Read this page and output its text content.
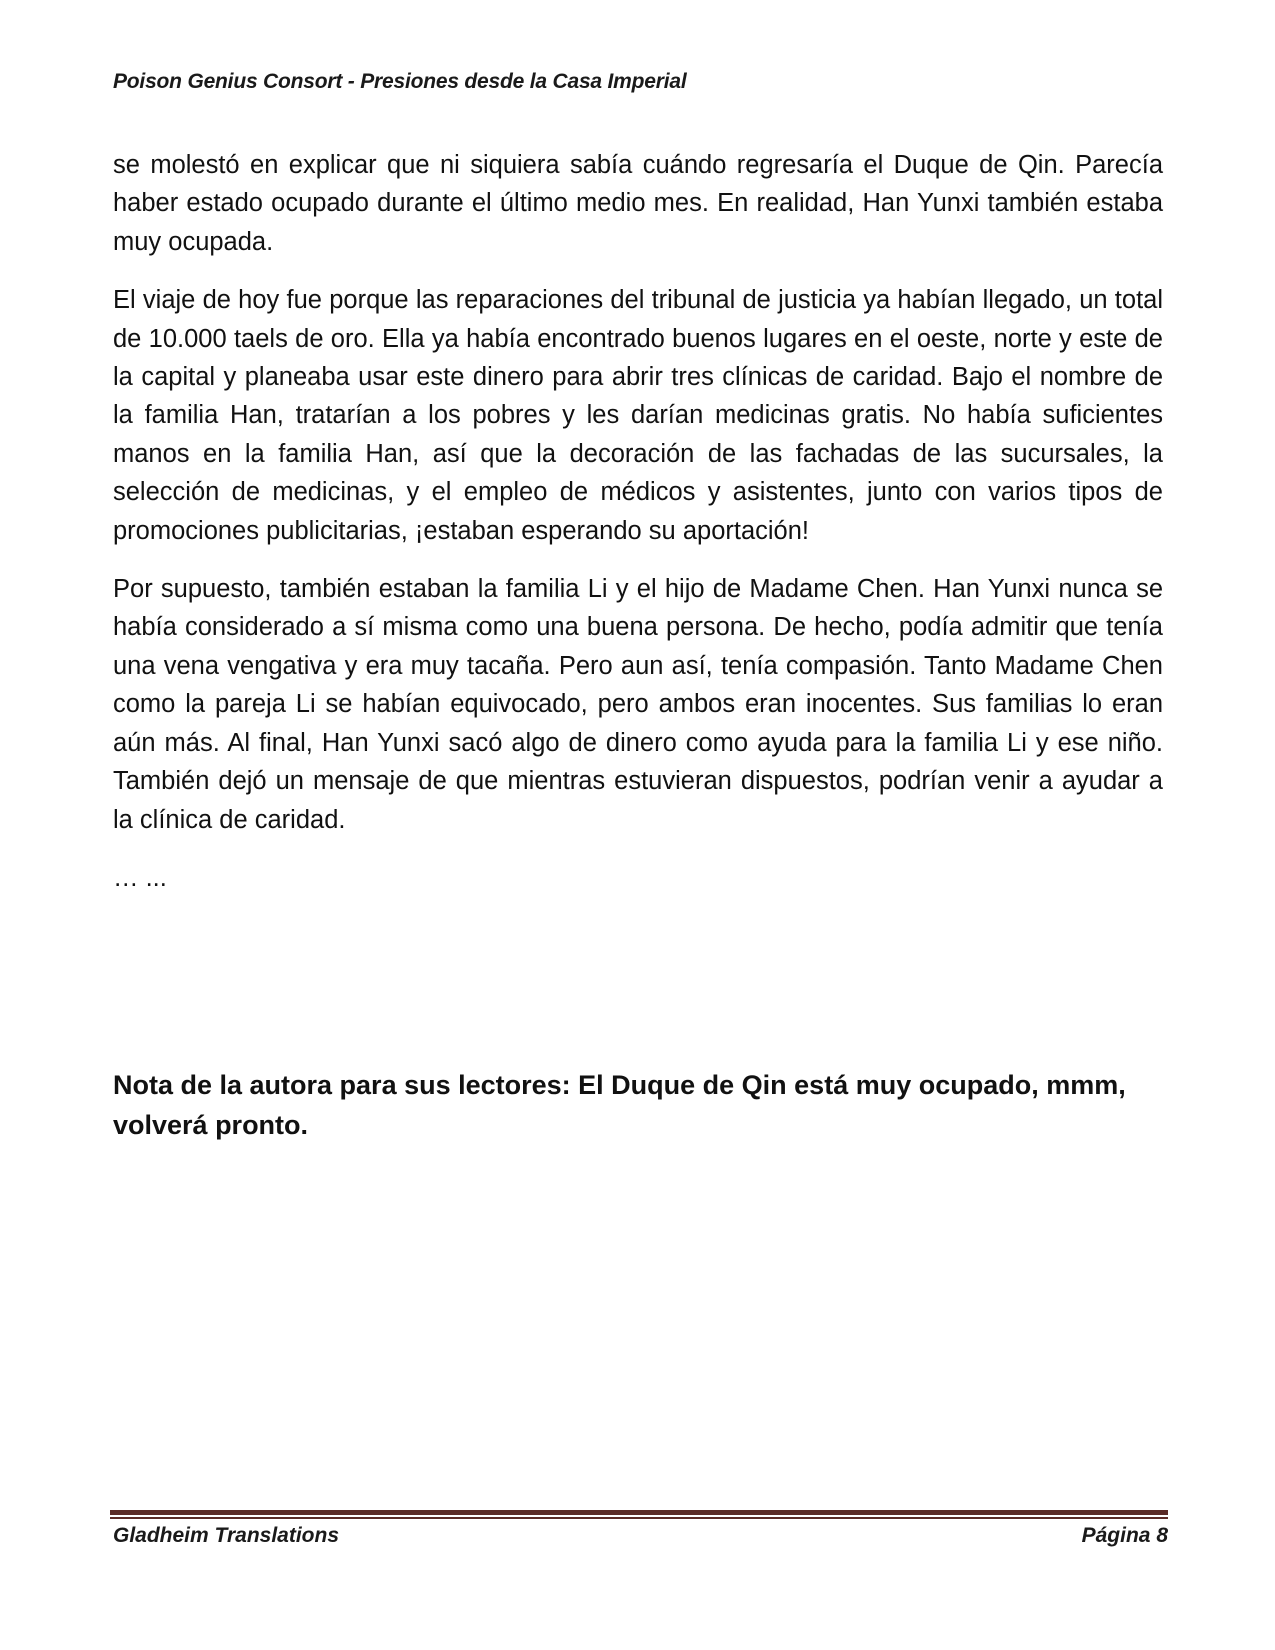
Poison Genius Consort - Presiones desde la Casa Imperial

se molestó en explicar que ni siquiera sabía cuándo regresaría el Duque de Qin. Parecía haber estado ocupado durante el último medio mes. En realidad, Han Yunxi también estaba muy ocupada.

El viaje de hoy fue porque las reparaciones del tribunal de justicia ya habían llegado, un total de 10.000 taels de oro. Ella ya había encontrado buenos lugares en el oeste, norte y este de la capital y planeaba usar este dinero para abrir tres clínicas de caridad. Bajo el nombre de la familia Han, tratarían a los pobres y les darían medicinas gratis. No había suficientes manos en la familia Han, así que la decoración de las fachadas de las sucursales, la selección de medicinas, y el empleo de médicos y asistentes, junto con varios tipos de promociones publicitarias, ¡estaban esperando su aportación!

Por supuesto, también estaban la familia Li y el hijo de Madame Chen. Han Yunxi nunca se había considerado a sí misma como una buena persona. De hecho, podía admitir que tenía una vena vengativa y era muy tacaña. Pero aun así, tenía compasión. Tanto Madame Chen como la pareja Li se habían equivocado, pero ambos eran inocentes. Sus familias lo eran aún más. Al final, Han Yunxi sacó algo de dinero como ayuda para la familia Li y ese niño. También dejó un mensaje de que mientras estuvieran dispuestos, podrían venir a ayudar a la clínica de caridad.

… ...

Nota de la autora para sus lectores: El Duque de Qin está muy ocupado, mmm, volverá pronto.

Gladheim Translations	Página 8
